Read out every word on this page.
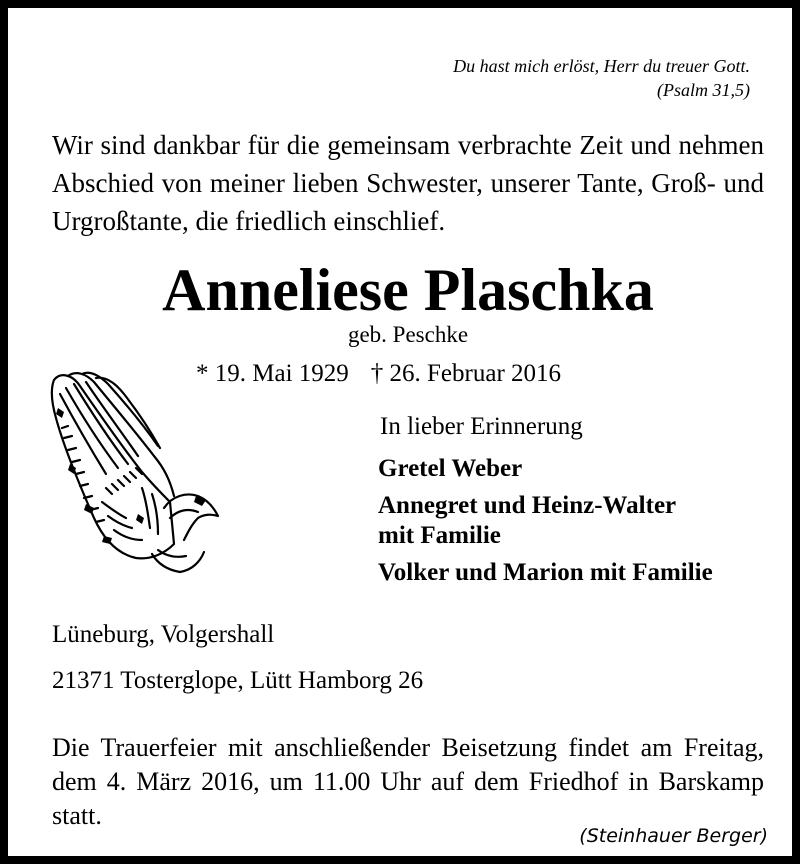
Du hast mich erlöst, Herr du treuer Gott.
(Psalm 31,5)
Wir sind dankbar für die gemeinsam verbrachte Zeit und nehmen Abschied von meiner lieben Schwester, unserer Tante, Groß- und Urgroßtante, die friedlich einschlief.
Anneliese Plaschka
geb. Peschke
* 19. Mai 1929 † 26. Februar 2016
In lieber Erinnerung
Gretel Weber
Annegret und Heinz-Walter
mit Familie
Volker und Marion mit Familie
Lüneburg, Volgershall
21371 Tosterglope, Lütt Hamborg 26
Die Trauerfeier mit anschließender Beisetzung findet am Freitag, dem 4. März 2016, um 11.00 Uhr auf dem Friedhof in Barskamp statt.
(Steinhauer Berger)
